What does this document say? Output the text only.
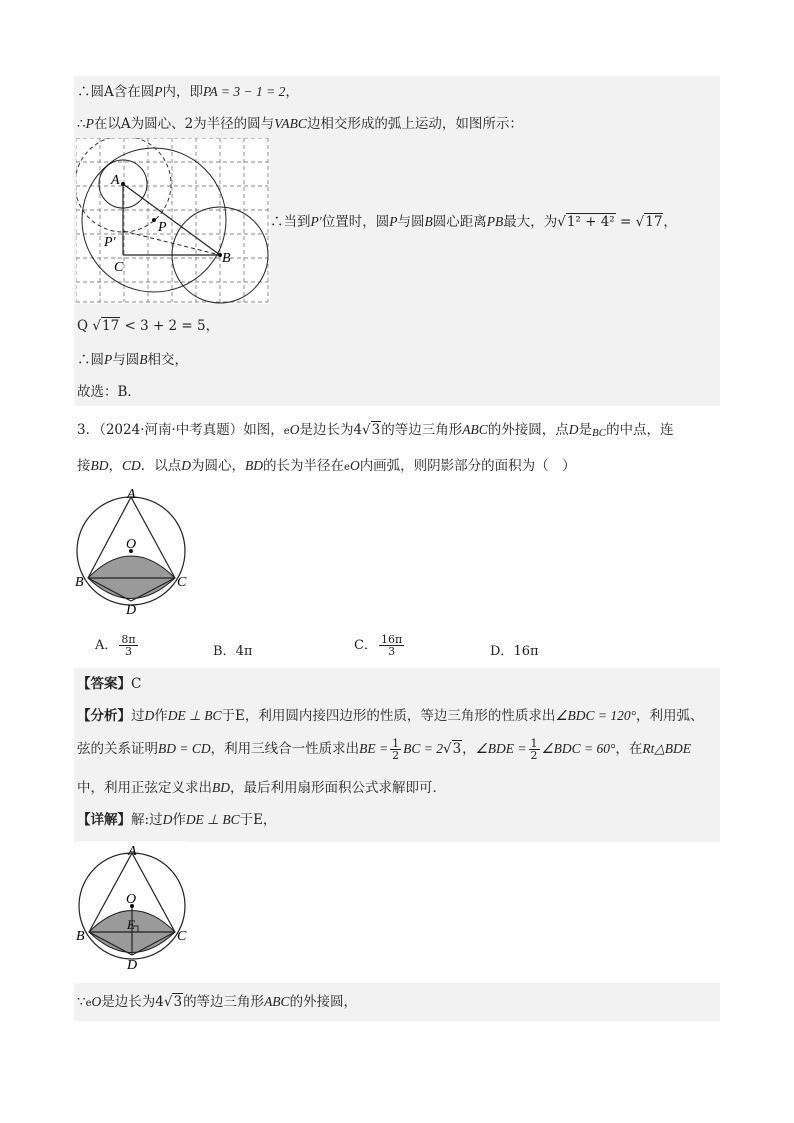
∴圆A含在圆P内，即PA = 3 − 1 = 2，
∴P在以A为圆心、2为半径的圆与VABC边相交形成的弧上运动，如图所示：
A
P
P′
C
B
∴当到P′位置时，圆P与圆B圆心距离PB最大，为√1² + 4² = √17，
Q √17 < 3 + 2 = 5，
∴圆P与圆B相交，
故选：B．
3．（2024·河南·中考真题）如图，eO是边长为4√3的等边三角形ABC的外接圆，点D是BC的中点，连
接BD，CD．以点D为圆心，BD的长为半径在eO内画弧，则阴影部分的面积为（　）
A
O
B	C
D
A． $\frac{8\pi}{3}$	B．4π	C． $\frac{16\pi}{3}$	D．16π
【答案】C
【分析】过D作DE ⊥ BC于E，利用圆内接四边形的性质，等边三角形的性质求出∠BDC = 120°，利用弧、
弦的关系证明BD = CD，利用三线合一性质求出BE = $\frac{1}{2}$ BC = 2√3，∠BDE = $\frac{1}{2}$ ∠BDC = 60°，在Rt△BDE
中，利用正弦定义求出BD，最后利用扇形面积公式求解即可．
【详解】解:过D作DE ⊥ BC于E，
A
O
E
B	C
D
∵eO是边长为4√3的等边三角形ABC的外接圆，
